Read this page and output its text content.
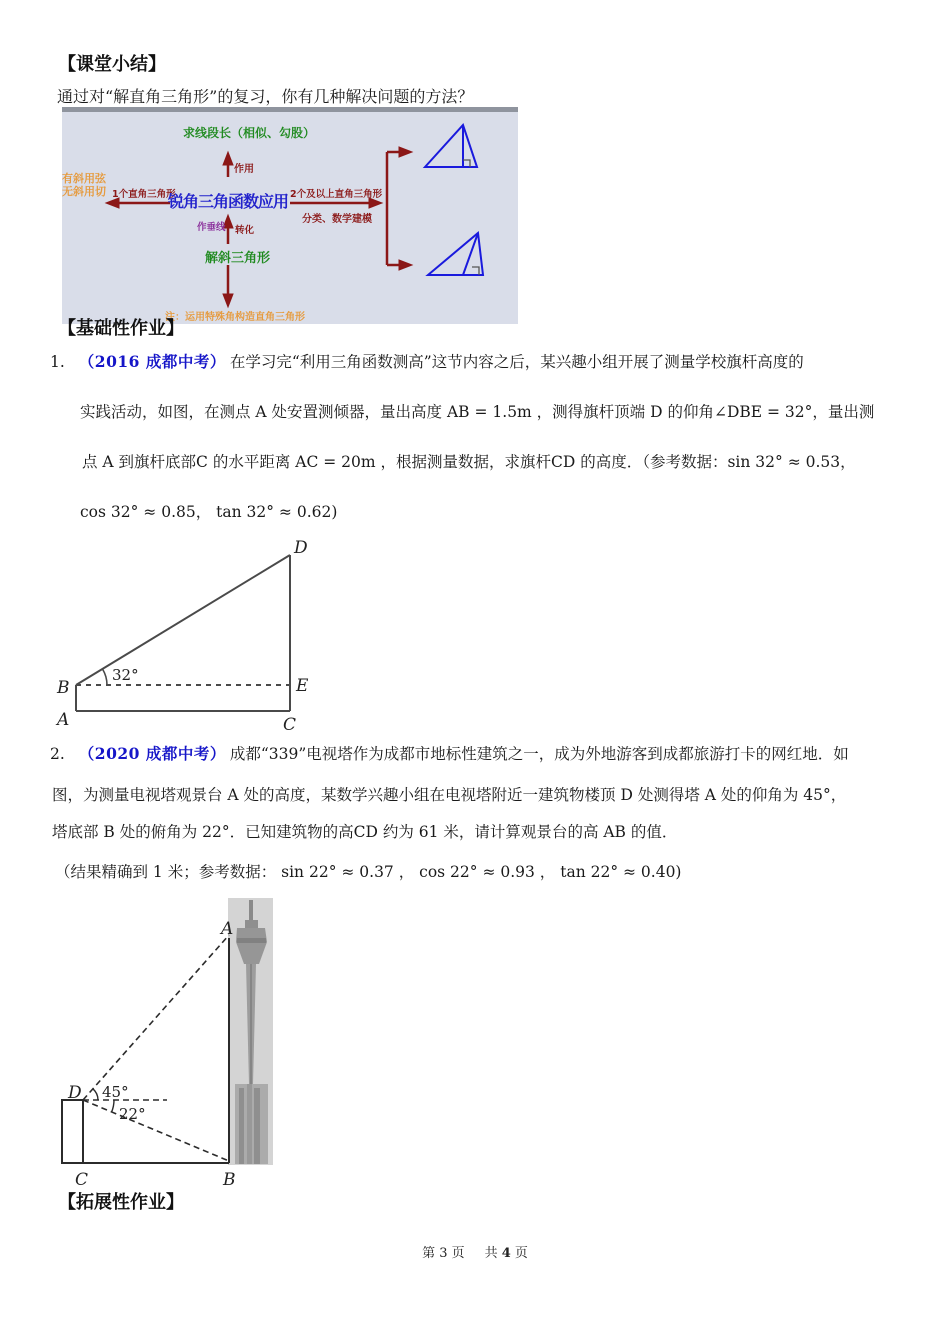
【课堂小结】
通过对“解直角三角形”的复习，你有几种解决问题的方法？
求线段长（相似、勾股）
作用
有斜用弦
无斜用切 1个直角三角形
锐角三角函数应用 2个及以上直角三角形
分类、数学建模
作垂线 转化
解斜三角形
注：运用特殊角构造直角三角形
【基础性作业】
1. （2016 成都中考） 在学习完“利用三角函数测高”这节内容之后，某兴趣小组开展了测量学校旗杆高度的
实践活动，如图，在测点 A 处安置测倾器，量出高度 AB = 1.5m ，测得旗杆顶端 D 的仰角∠DBE = 32°，量出测
点 A 到旗杆底部C 的水平距离 AC = 20m ，根据测量数据，求旗杆CD 的高度．（参考数据：sin 32° ≈ 0.53，
cos 32° ≈ 0.85， tan 32° ≈ 0.62)
D
B	E
A	C
32°
2. （2020 成都中考） 成都“339”电视塔作为成都市地标性建筑之一，成为外地游客到成都旅游打卡的网红地．如
图，为测量电视塔观景台 A 处的高度，某数学兴趣小组在电视塔附近一建筑物楼顶 D 处测得塔 A 处的仰角为 45°，
塔底部 B 处的俯角为 22°．已知建筑物的高CD 约为 61 米，请计算观景台的高 AB 的值．
（结果精确到 1 米；参考数据： sin 22° ≈ 0.37 ， cos 22° ≈ 0.93 ， tan 22° ≈ 0.40)
A
D
C	B
45°
22°
【拓展性作业】
第 3 页 共 4 页
